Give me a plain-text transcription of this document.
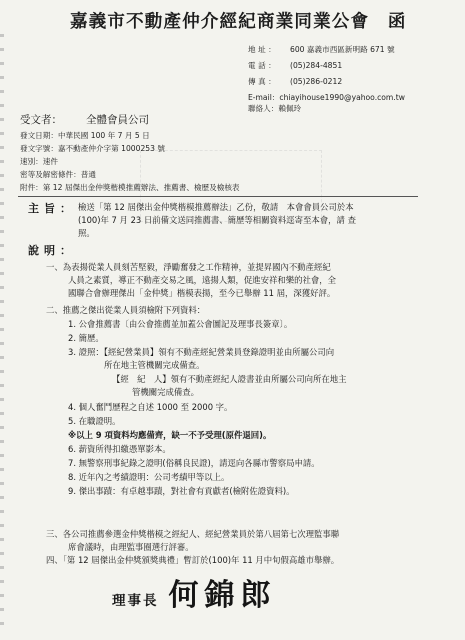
嘉義市不動產仲介經紀商業同業公會　函
地址： 600 嘉義市西區新明路 671 號
電話： (05)284-4851
傳真： (05)286-0212
E-mail：chiayihouse1990@yahoo.com.tw
聯絡人：賴佩玲
受文者： 全體會員公司
發文日期：中華民國 100 年 7 月 5 日
發文字號：嘉不動產仲介字第 1000253 號
速別：速件
密等及解密條件：普通
附件：第 12 屆傑出金仲獎楷模推薦辦法、推薦書、檢歷及檢核表
主旨： 檢送「第 12 屆傑出金仲獎楷模推薦辦法」乙份，敬請　本會會員公司於本
(100)年 7 月 23 日前備文送同推薦書、簡歷等相關資料逕寄至本會，請 查
照。
說明：
一、為表揚從業人員刻苦堅毅，淨勵奮發之工作精神，並提昇國內不動產經紀
人員之素質，導正不動產交易之風，遠揚人類，促進安祥和樂的社會，全
國聯合會辦理傑出「金仲獎」楷模表揚，至今已舉辦 11 屆，深獲好評。
二、推薦之傑出從業人員須檢附下列資料：
1. 公會推薦書〔由公會推薦並加蓋公會圖記及理事長簽章〕。
2. 簡歷。
3. 證照：【經紀營業員】領有不動產經紀營業員登錄證明並由所屬公司向
所在地主管機關完成備查。
【經　紀　人】領有不動產經紀人證書並由所屬公司向所在地主
管機關完成備查。
4. 個人奮鬥歷程之自述 1000 至 2000 字。
5. 在職證明。
※以上 9 項資料均應備齊，缺一不予受理(原件退回)。
6. 薪資所得扣繳憑單影本。
7. 無警察刑事紀錄之證明(俗稱良民證)，請逕向各縣市警察局申請。
8. 近年內之考績證明：公司考績甲等以上。
9. 傑出事蹟：有卓越事蹟，對社會有貢獻者(檢附佐證資料)。
三、各公司推薦參選金仲獎楷模之經紀人、經紀營業員於第八屆第七次理監事聯
席會議時，由理監事圈選行評審。
四、「第 12 屆傑出金仲獎頒獎典禮」暫訂於(100)年 11 月中旬假高雄市舉辦。
理事長 何錦郎
